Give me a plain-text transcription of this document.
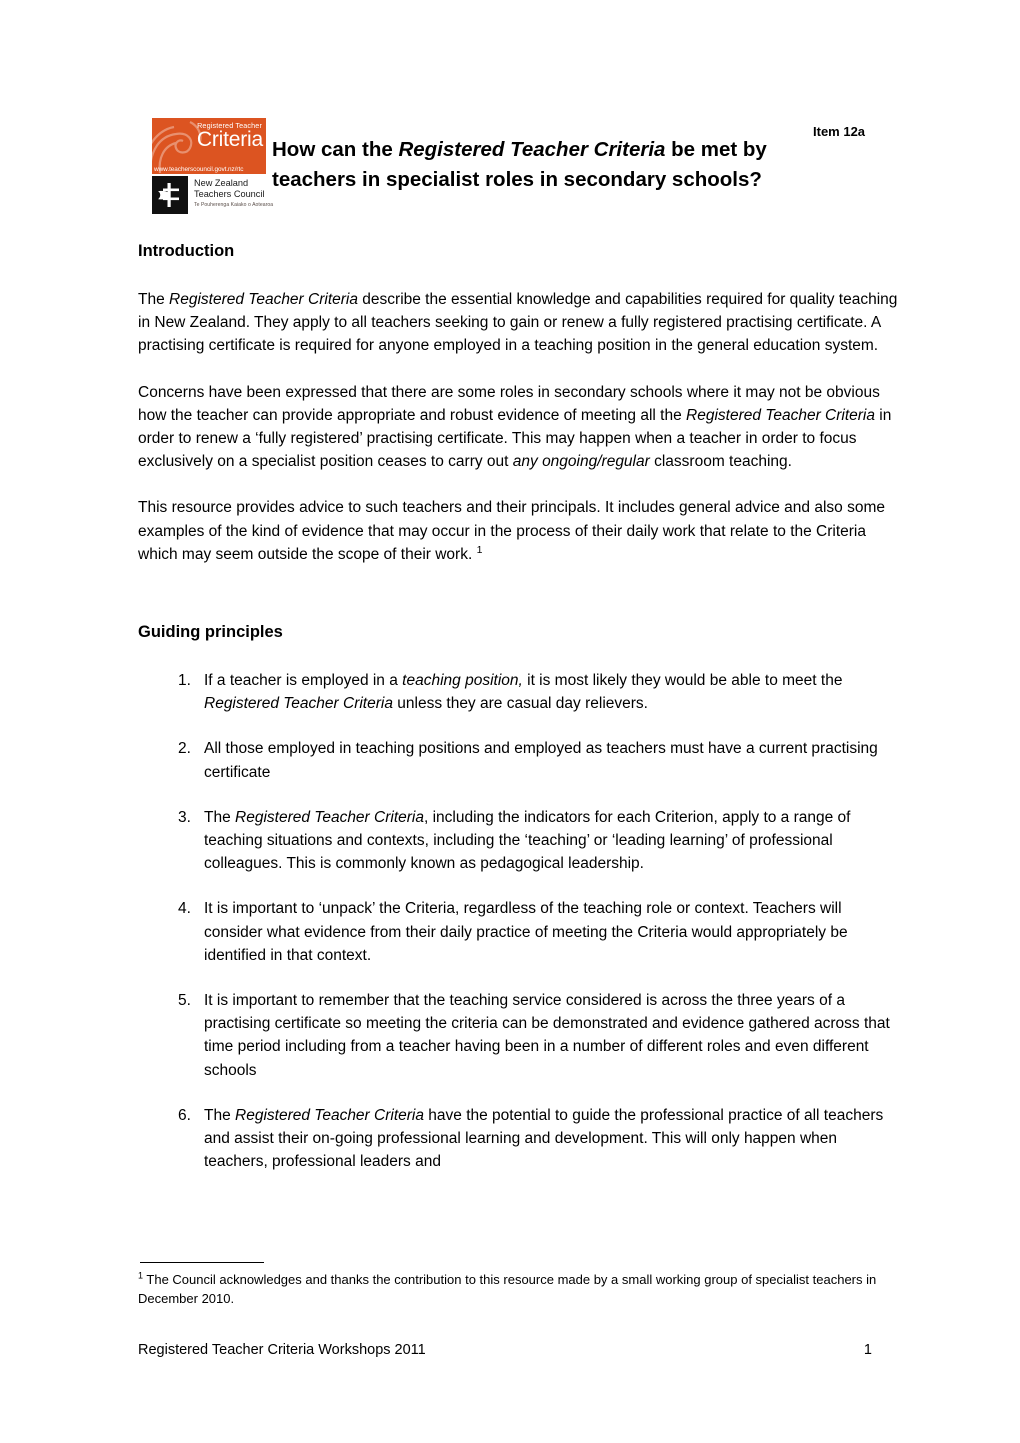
Registered Teacher
Criteria
www.teacherscouncil.govt.nz/rtc
New Zealand
Teachers Council
Te Pouherenga Kaiako o Aotearoa
How can the Registered Teacher Criteria be met by teachers in specialist roles in secondary schools?
Item 12a
Introduction

The Registered Teacher Criteria describe the essential knowledge and capabilities required for quality teaching in New Zealand. They apply to all teachers seeking to gain or renew a fully registered practising certificate. A practising certificate is required for anyone employed in a teaching position in the general education system.

Concerns have been expressed that there are some roles in secondary schools where it may not be obvious how the teacher can provide appropriate and robust evidence of meeting all the Registered Teacher Criteria in order to renew a ‘fully registered’ practising certificate. This may happen when a teacher in order to focus exclusively on a specialist position ceases to carry out any ongoing/regular classroom teaching.

This resource provides advice to such teachers and their principals. It includes general advice and also some examples of the kind of evidence that may occur in the process of their daily work that relate to the Criteria which may seem outside the scope of their work. $^1$

Guiding principles
If a teacher is employed in a teaching position, it is most likely they would be able to meet the Registered Teacher Criteria unless they are casual day relievers.
All those employed in teaching positions and employed as teachers must have a current practising certificate
The Registered Teacher Criteria, including the indicators for each Criterion, apply to a range of teaching situations and contexts, including the ‘teaching’ or ‘leading learning’ of professional colleagues. This is commonly known as pedagogical leadership.
It is important to ‘unpack’ the Criteria, regardless of the teaching role or context. Teachers will consider what evidence from their daily practice of meeting the Criteria would appropriately be identified in that context.
It is important to remember that the teaching service considered is across the three years of a practising certificate so meeting the criteria can be demonstrated and evidence gathered across that time period including from a teacher having been in a number of different roles and even different schools
The Registered Teacher Criteria have the potential to guide the professional practice of all teachers and assist their on-going professional learning and development. This will only happen when teachers, professional leaders and

$^1$ The Council acknowledges and thanks the contribution to this resource made by a small working group of specialist teachers in December 2010.

Registered Teacher Criteria Workshops 2011	1
